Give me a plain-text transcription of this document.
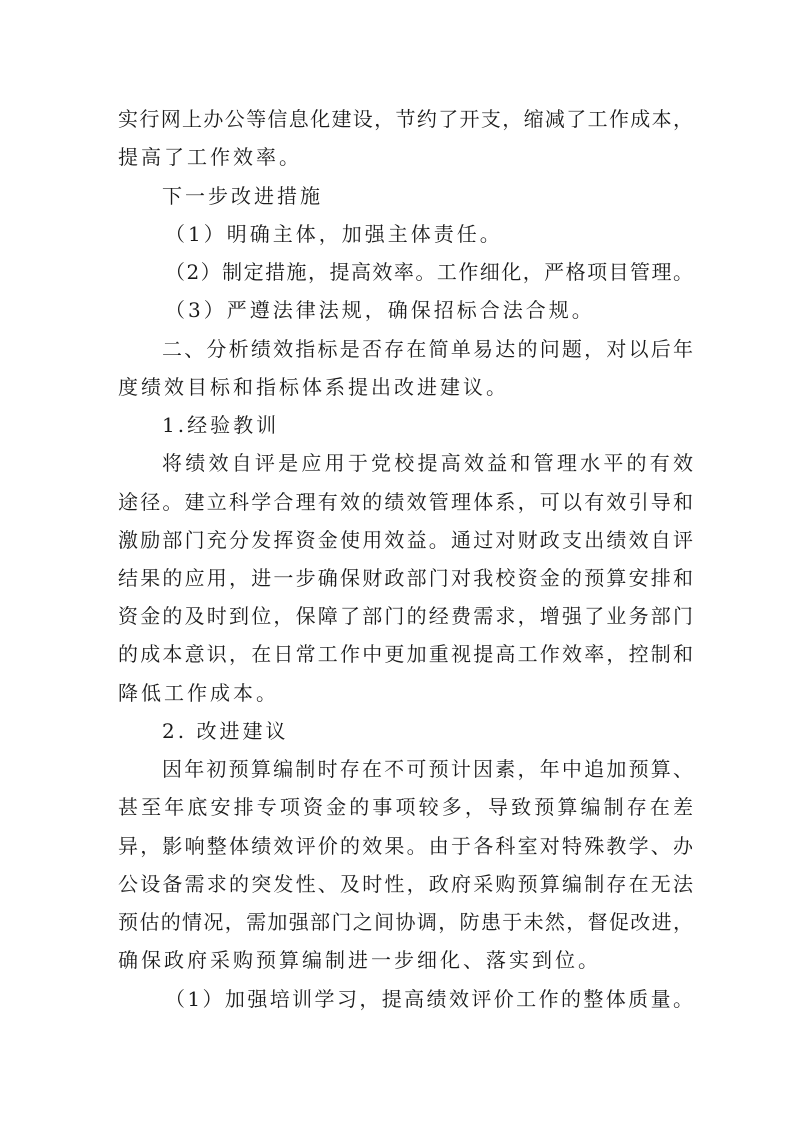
实行网上办公等信息化建设，节约了开支，缩减了工作成本，
提高了工作效率。
下一步改进措施
（1）明确主体，加强主体责任。
（2）制定措施，提高效率。工作细化，严格项目管理。
（3）严遵法律法规，确保招标合法合规。
二、分析绩效指标是否存在简单易达的问题，对以后年
度绩效目标和指标体系提出改进建议。
1.经验教训
将绩效自评是应用于党校提高效益和管理水平的有效
途径。建立科学合理有效的绩效管理体系，可以有效引导和
激励部门充分发挥资金使用效益。通过对财政支出绩效自评
结果的应用，进一步确保财政部门对我校资金的预算安排和
资金的及时到位，保障了部门的经费需求，增强了业务部门
的成本意识，在日常工作中更加重视提高工作效率，控制和
降低工作成本。
2. 改进建议
因年初预算编制时存在不可预计因素，年中追加预算、
甚至年底安排专项资金的事项较多，导致预算编制存在差
异，影响整体绩效评价的效果。由于各科室对特殊教学、办
公设备需求的突发性、及时性，政府采购预算编制存在无法
预估的情况，需加强部门之间协调，防患于未然，督促改进，
确保政府采购预算编制进一步细化、落实到位。
（1）加强培训学习，提高绩效评价工作的整体质量。
